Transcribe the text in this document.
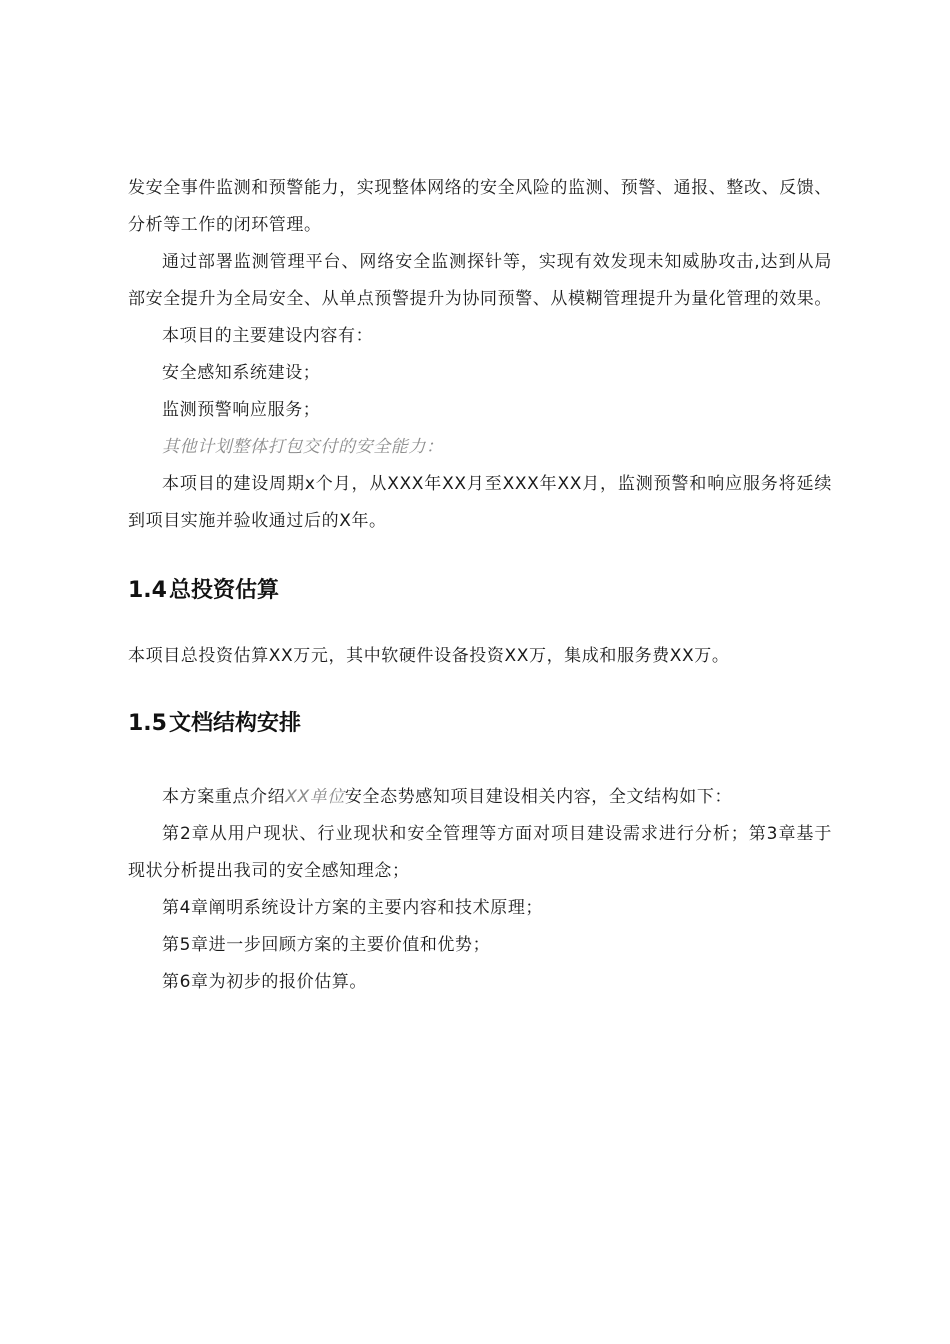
发安全事件监测和预警能力，实现整体网络的安全风险的监测、预警、通报、整改、反馈、分析等工作的闭环管理。

通过部署监测管理平台、网络安全监测探针等，实现有效发现未知威胁攻击,达到从局部安全提升为全局安全、从单点预警提升为协同预警、从模糊管理提升为量化管理的效果。

本项目的主要建设内容有：

安全感知系统建设；

监测预警响应服务；

其他计划整体打包交付的安全能力：

本项目的建设周期x个月，从XXX年XX月至XXX年XX月，监测预警和响应服务将延续到项目实施并验收通过后的X年。

1.4总投资估算

本项目总投资估算XX万元，其中软硬件设备投资XX万，集成和服务费XX万。

1.5文档结构安排

本方案重点介绍XX单位安全态势感知项目建设相关内容，全文结构如下：

第2章从用户现状、行业现状和安全管理等方面对项目建设需求进行分析；第3章基于现状分析提出我司的安全感知理念；

第4章阐明系统设计方案的主要内容和技术原理；

第5章进一步回顾方案的主要价值和优势；

第6章为初步的报价估算。
